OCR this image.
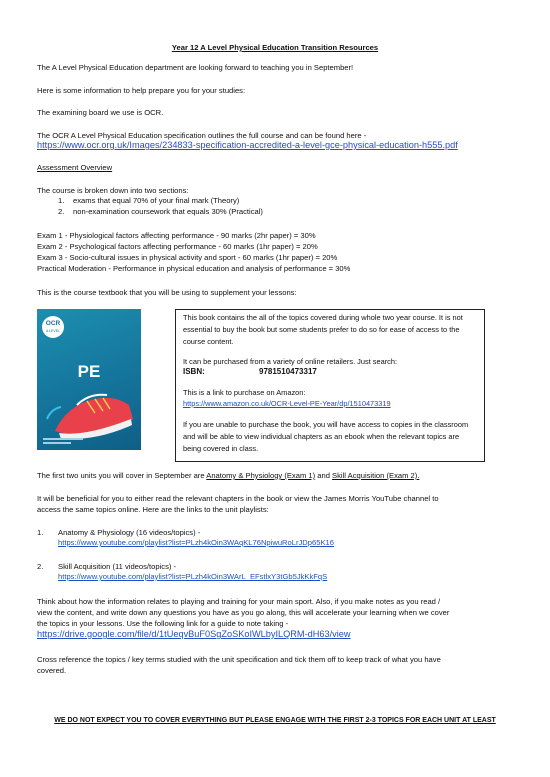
Year 12 A Level Physical Education Transition Resources
The A Level Physical Education department are looking forward to teaching you in September!
Here is some information to help prepare you for your studies:
The examining board we use is OCR.
The OCR A Level Physical Education specification outlines the full course and can be found here -
https://www.ocr.org.uk/Images/234833-specification-accredited-a-level-gce-physical-education-h555.pdf
Assessment Overview
The course is broken down into two sections:
1. exams that equal 70% of your final mark (Theory)
2. non-examination coursework that equals 30% (Practical)
Exam 1 - Physiological factors affecting performance - 90 marks (2hr paper) = 30%
Exam 2 - Psychological factors affecting performance - 60 marks (1hr paper) = 20%
Exam 3 - Socio-cultural issues in physical activity and sport - 60 marks (1hr paper) = 20%
Practical Moderation - Performance in physical education and analysis of performance = 30%
This is the course textbook that you will be using to supplement your lessons:
OCR
A LEVEL
PE
This book contains the all of the topics covered during whole two year course. It is not
essential to buy the book but some students prefer to do so for ease of access to the
course content.
It can be purchased from a variety of online retailers. Just search:
ISBN:	9781510473317
This is a link to purchase on Amazon:
https://www.amazon.co.uk/OCR-Level-PE-Year/dp/1510473319
If you are unable to purchase the book, you will have access to copies in the classroom
and will be able to view individual chapters as an ebook when the relevant topics are
being covered in class.
The first two units you will cover in September are Anatomy & Physiology (Exam 1) and Skill Acquisition (Exam 2).
It will be beneficial for you to either read the relevant chapters in the book or view the James Morris YouTube channel to
access the same topics online. Here are the links to the unit playlists:
1. Anatomy & Physiology (16 videos/topics) -
https://www.youtube.com/playlist?list=PLzh4kOin3WAqKL76NpiwuRoLrJDp65K16
2. Skill Acquisition (11 videos/topics) -
https://www.youtube.com/playlist?list=PLzh4kOin3WArL_EFstlxY3tGb5JkKkFqS
Think about how the information relates to playing and training for your main sport. Also, if you make notes as you read /
view the content, and write down any questions you have as you go along, this will accelerate your learning when we cover
the topics in your lessons. Use the following link for a guide to note taking -
https://drive.google.com/file/d/1tUeqvBuF0SgZoSKoIWLbyILQRM-dH63/view
Cross reference the topics / key terms studied with the unit specification and tick them off to keep track of what you have
covered.
WE DO NOT EXPECT YOU TO COVER EVERYTHING BUT PLEASE ENGAGE WITH THE FIRST 2-3 TOPICS FOR EACH UNIT AT LEAST
